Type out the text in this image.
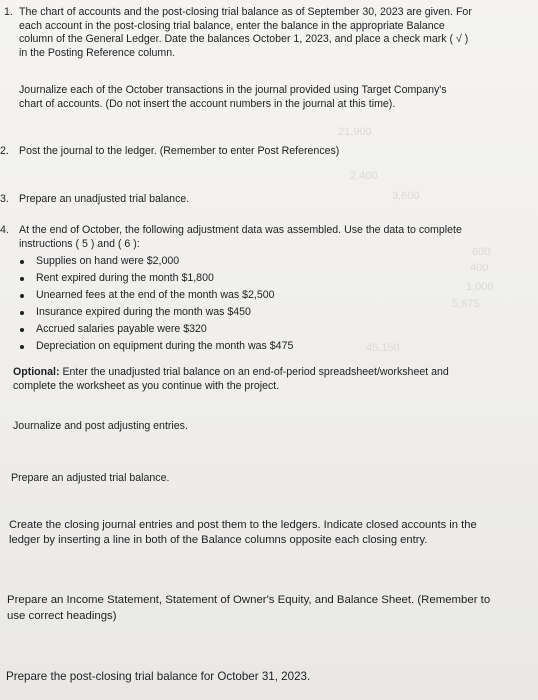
21,900
2,400
3,600
600
400
1,000
5,675
45,150
1. The chart of accounts and the post-closing trial balance as of September 30, 2023 are given. For
each account in the post-closing trial balance, enter the balance in the appropriate Balance
column of the General Ledger. Date the balances October 1, 2023, and place a check mark ( √ )
in the Posting Reference column.
Journalize each of the October transactions in the journal provided using Target Company's
chart of accounts. (Do not insert the account numbers in the journal at this time).
2. Post the journal to the ledger. (Remember to enter Post References)
3. Prepare an unadjusted trial balance.
4. At the end of October, the following adjustment data was assembled. Use the data to complete
instructions ( 5 ) and ( 6 ):
Supplies on hand were $2,000
Rent expired during the month $1,800
Unearned fees at the end of the month was $2,500
Insurance expired during the month was $450
Accrued salaries payable were $320
Depreciation on equipment during the month was $475
Optional: Enter the unadjusted trial balance on an end-of-period spreadsheet/worksheet and
complete the worksheet as you continue with the project.
Journalize and post adjusting entries.
Prepare an adjusted trial balance.
Create the closing journal entries and post them to the ledgers. Indicate closed accounts in the
ledger by inserting a line in both of the Balance columns opposite each closing entry.
Prepare an Income Statement, Statement of Owner's Equity, and Balance Sheet. (Remember to
use correct headings)
Prepare the post-closing trial balance for October 31, 2023.
